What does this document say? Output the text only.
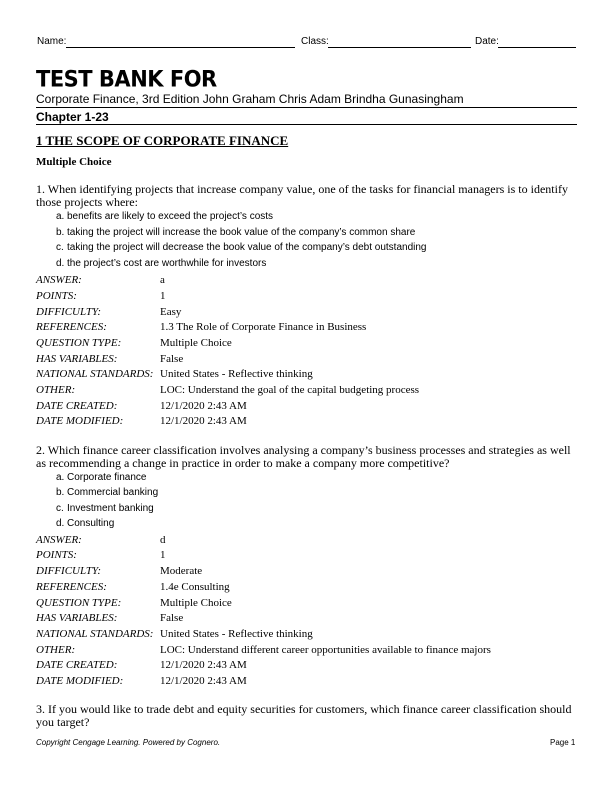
Name:	Class:	Date:
TEST BANK FOR
Corporate Finance, 3rd Edition John Graham Chris Adam Brindha Gunasingham
Chapter 1-23
1 THE SCOPE OF CORPORATE FINANCE
Multiple Choice
1. When identifying projects that increase company value, one of the tasks for financial managers is to identify those projects where:
a. benefits are likely to exceed the project’s costs
b. taking the project will increase the book value of the company’s common share
c. taking the project will decrease the book value of the company’s debt outstanding
d. the project’s cost are worthwhile for investors
ANSWER:	a
POINTS:	1
DIFFICULTY:	Easy
REFERENCES:	1.3 The Role of Corporate Finance in Business
QUESTION TYPE:	Multiple Choice
HAS VARIABLES:	False
NATIONAL STANDARDS: United States - Reflective thinking
OTHER:	LOC: Understand the goal of the capital budgeting process
DATE CREATED:	12/1/2020 2:43 AM
DATE MODIFIED:	12/1/2020 2:43 AM
2. Which finance career classification involves analysing a company’s business processes and strategies as well as recommending a change in practice in order to make a company more competitive?
a. Corporate finance
b. Commercial banking
c. Investment banking
d. Consulting
ANSWER:	d
POINTS:	1
DIFFICULTY:	Moderate
REFERENCES:	1.4e Consulting
QUESTION TYPE:	Multiple Choice
HAS VARIABLES:	False
NATIONAL STANDARDS: United States - Reflective thinking
OTHER:	LOC: Understand different career opportunities available to finance majors
DATE CREATED:	12/1/2020 2:43 AM
DATE MODIFIED:	12/1/2020 2:43 AM
3. If you would like to trade debt and equity securities for customers, which finance career classification should you target?
Copyright Cengage Learning. Powered by Cognero.	Page 1
